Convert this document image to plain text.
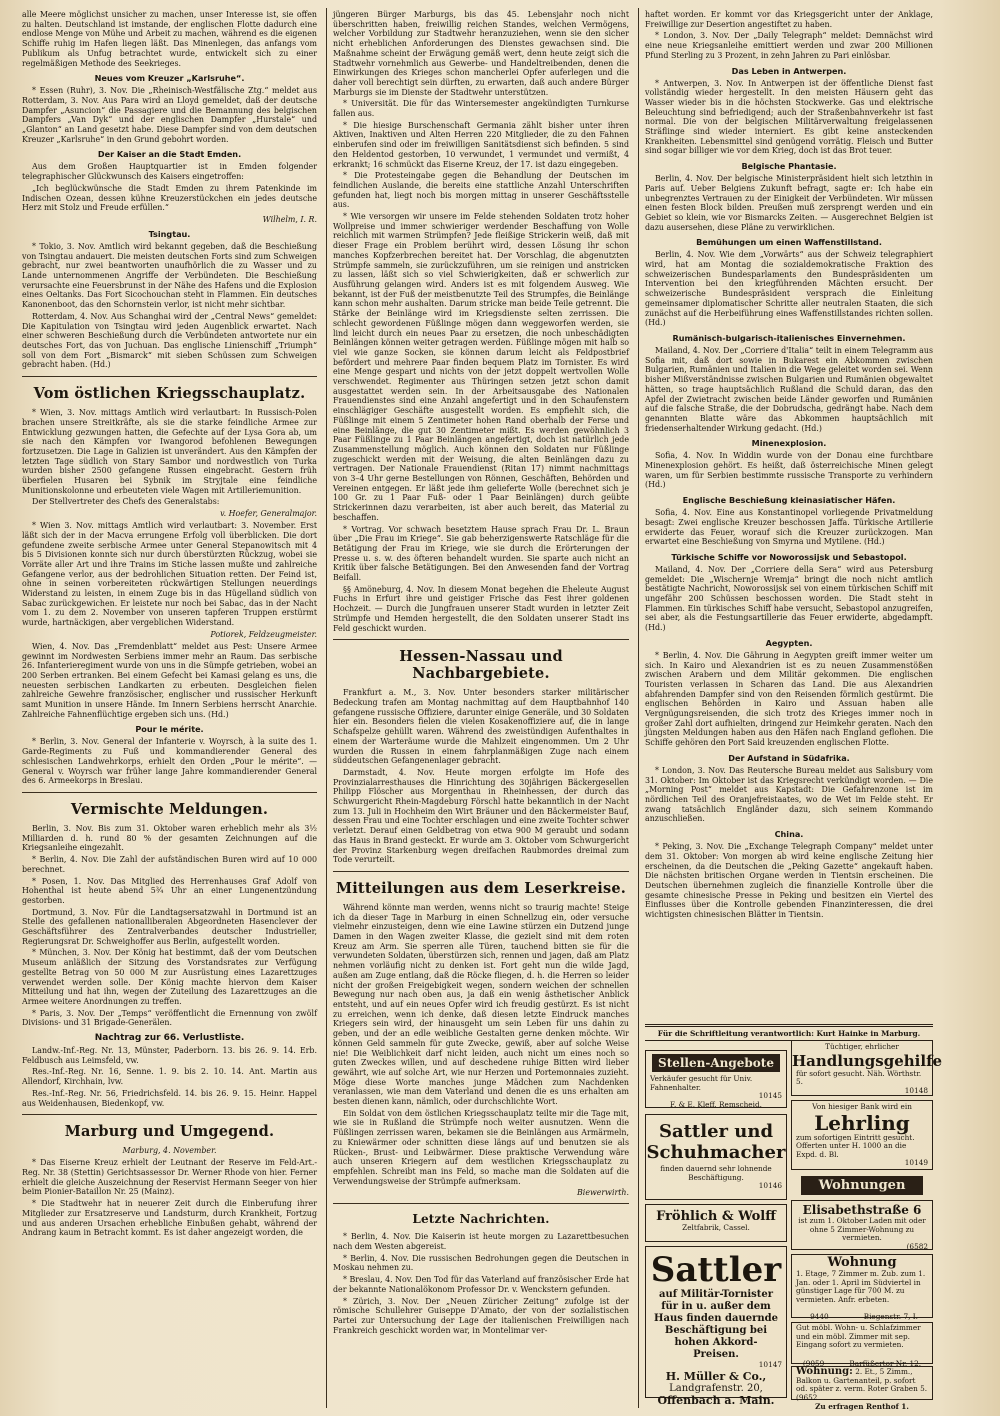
alle Meere möglichst unsicher zu machen, unser Interesse ist, sie offen zu halten. Deutschland ist imstande, der englischen Flotte dadurch eine endlose Menge von Mühe und Arbeit zu machen, während es die eigenen Schiffe ruhig im Hafen liegen läßt. Das Minenlegen, das anfangs vom Publikum als Unfug betrachtet wurde, entwickelt sich zu einer regelmäßigen Methode des Seekrieges.

Neues vom Kreuzer „Karlsruhe“.

* Essen (Ruhr), 3. Nov. Die „Rheinisch-Westfälische Ztg.“ meldet aus Rotterdam, 3. Nov. Aus Para wird an Lloyd gemeldet, daß der deutsche Dampfer „Asuncion“ die Passagiere und die Bemannung des belgischen Dampfers „Van Dyk“ und der englischen Dampfer „Hurstale“ und „Glanton“ an Land gesetzt habe. Diese Dampfer sind von dem deutschen Kreuzer „Karlsruhe“ in den Grund gebohrt worden.

Der Kaiser an die Stadt Emden.

Aus dem Großen Hauptquartier ist in Emden folgender telegraphischer Glückwunsch des Kaisers eingetroffen:

„Ich beglückwünsche die Stadt Emden zu ihrem Patenkinde im Indischen Ozean, dessen kühne Kreuzerstückchen ein jedes deutsche Herz mit Stolz und Freude erfüllen.“

Wilhelm, I. R.
Tsingtau.

* Tokio, 3. Nov. Amtlich wird bekannt gegeben, daß die Beschießung von Tsingtau andauert. Die meisten deutschen Forts sind zum Schweigen gebracht, nur zwei beantworten unaufhörlich die zu Wasser und zu Lande unternommenen Angriffe der Verbündeten. Die Beschießung verursachte eine Feuersbrunst in der Nähe des Hafens und die Explosion eines Oeltanks. Das Fort Sicochouchan steht in Flammen. Ein deutsches Kanonenboot, das den Schornstein verlor, ist nicht mehr sichtbar.

Rotterdam, 4. Nov. Aus Schanghai wird der „Central News“ gemeldet: Die Kapitulation von Tsingtau wird jeden Augenblick erwartet. Nach einer schweren Beschießung durch die Verbündeten antwortete nur ein deutsches Fort, das von Juchuan. Das englische Linienschiff „Triumph“ soll von dem Fort „Bismarck“ mit sieben Schüssen zum Schweigen gebracht haben. (Hd.)

Vom östlichen Kriegsschauplatz.

* Wien, 3. Nov. mittags Amtlich wird verlautbart: In Russisch-Polen brachen unsere Streitkräfte, als sie die starke feindliche Armee zur Entwicklung gezwungen hatten, die Gefechte auf der Lysa Gora ab, um sie nach den Kämpfen vor Iwangorod befohlenen Bewegungen fortzusetzen. Die Lage in Galizien ist unverändert. Aus den Kämpfen der letzten Tage südlich von Stary Sambor und nordwestlich von Turka wurden bisher 2500 gefangene Russen eingebracht. Gestern früh überfielen Husaren bei Sybnik im Stryjtale eine feindliche Munitionskolonne und erbeuteten viele Wagen mit Artilleriemunition.

Der Stellvertreter des Chefs des Generalstabs:

v. Hoefer, Generalmajor.

* Wien 3. Nov. mittags Amtlich wird verlautbart: 3. November. Erst läßt sich der in der Macva errungene Erfolg voll überblicken. Die dort gefundene zweite serbische Armee unter General Stepanowitsch mit 4 bis 5 Divisionen konnte sich nur durch überstürzten Rückzug, wobei sie Vorräte aller Art und ihre Trains im Stiche lassen mußte und zahlreiche Gefangene verlor, aus der bedrohlichen Situation retten. Der Feind ist, ohne in seinen vorbereiteten rückwärtigen Stellungen neuerdings Widerstand zu leisten, in einem Zuge bis in das Hügelland südlich von Sabac zurückgewichen. Er leistete nur noch bei Sabac, das in der Nacht vom 1. zu dem 2. November von unseren tapferen Truppen erstürmt wurde, hartnäckigen, aber vergeblichen Widerstand.

Potiorek, Feldzeugmeister.

Wien, 4. Nov. Das „Fremdenblatt“ meldet aus Pest: Unsere Armee gewinnt im Nordwesten Serbiens immer mehr an Raum. Das serbische 26. Infanterieregiment wurde von uns in die Sümpfe getrieben, wobei an 200 Serben ertranken. Bei einem Gefecht bei Kamasi gelang es uns, die neuesten serbischen Landkarten zu erbeuten. Desgleichen fielen zahlreiche Gewehre französischer, englischer und russischer Herkunft samt Munition in unsere Hände. Im Innern Serbiens herrscht Anarchie. Zahlreiche Fahnenflüchtige ergeben sich uns. (Hd.)

Pour le mérite.

* Berlin, 3. Nov. General der Infanterie v. Woyrsch, à la suite des 1. Garde-Regiments zu Fuß und kommandierender General des schlesischen Landwehrkorps, erhielt den Orden „Pour le mérite“. — General v. Woyrsch war früher lange Jahre kommandierender General des 6. Armeekorps in Breslau.

Vermischte Meldungen.

Berlin, 3. Nov. Bis zum 31. Oktober waren erheblich mehr als 3½ Milliarden d. h. rund 80 % der gesamten Zeichnungen auf die Kriegsanleihe eingezahlt.

* Berlin, 4. Nov. Die Zahl der aufständischen Buren wird auf 10 000 berechnet.

* Posen, 1. Nov. Das Mitglied des Herrenhauses Graf Adolf von Hohenthal ist heute abend 5¾ Uhr an einer Lungenentzündung gestorben.

Dortmund, 3. Nov. Für die Landtagsersatzwahl in Dortmund ist an Stelle des gefallenen nationalliberalen Abgeordneten Hasenclever der Geschäftsführer des Zentralverbandes deutscher Industrieller, Regierungsrat Dr. Schweighoffer aus Berlin, aufgestellt worden.

* München, 3. Nov. Der König hat bestimmt, daß der vom Deutschen Museum anläßlich der Sitzung des Vorstandsrates zur Verfügung gestellte Betrag von 50 000 M zur Ausrüstung eines Lazarettzuges verwendet werden solle. Der König machte hiervon dem Kaiser Mitteilung und hat ihn, wegen der Zuteilung des Lazarettzuges an die Armee weitere Anordnungen zu treffen.

* Paris, 3. Nov. Der „Temps“ veröffentlicht die Ernennung von zwölf Divisions- und 31 Brigade-Generälen.

Nachtrag zur 66. Verlustliste.

Landw.-Inf.-Reg. Nr. 13, Münster, Paderborn. 13. bis 26. 9. 14. Erb. Feldbusch aus Leimsfeld, vw.

Res.-Inf.-Reg. Nr. 16, Senne. 1. 9. bis 2. 10. 14. Ant. Martin aus Allendorf, Kirchhain, lvw.

Res.-Inf.-Reg. Nr. 56, Friedrichsfeld. 14. bis 26. 9. 15. Heinr. Happel aus Weidenhausen, Biedenkopf, vw.

Marburg und Umgegend.
Marburg, 4. November.

* Das Eiserne Kreuz erhielt der Leutnant der Reserve im Feld-Art.-Reg. Nr. 38 (Stettin) Gerichtsassessor Dr. Werner Rhode von hier. Ferner erhielt die gleiche Auszeichnung der Reservist Hermann Seeger von hier beim Pionier-Bataillon Nr. 25 (Mainz).

* Die Stadtwehr hat in neuerer Zeit durch die Einberufung ihrer Mitglieder zur Ersatzreserve und Landsturm, durch Krankheit, Fortzug und aus anderen Ursachen erhebliche Einbußen gehabt, während der Andrang kaum in Betracht kommt. Es ist daher angezeigt worden, die

jüngeren Bürger Marburgs, bis das 45. Lebensjahr noch nicht überschritten haben, freiwillig reichen Standes, welchen Vermögens, welcher Vorbildung zur Stadtwehr heranzuziehen, wenn sie den sicher nicht erheblichen Anforderungen des Dienstes gewachsen sind. Die Maßnahme scheint der Erwägung gemäß wert, denn heute zeigt sich die Stadtwehr vornehmlich aus Gewerbe- und Handeltreibenden, denen die Einwirkungen des Krieges schon mancherlei Opfer auferlegen und die daher voll berechtigt sein dürften, zu erwarten, daß auch andere Bürger Marburgs sie im Dienste der Stadtwehr unterstützen.

* Universität. Die für das Wintersemester angekündigten Turnkurse fallen aus.

* Die hiesige Burschenschaft Germania zählt bisher unter ihren Aktiven, Inaktiven und Alten Herren 220 Mitglieder, die zu den Fahnen einberufen sind oder im freiwilligen Sanitätsdienst sich befinden. 5 sind den Heldentod gestorben, 10 verwundet, 1 vermundet und vermißt, 4 erkrankt; 16 schmückt das Eiserne Kreuz, der 17. ist dazu eingegeben.

* Die Protesteingabe gegen die Behandlung der Deutschen im feindlichen Auslande, die bereits eine stattliche Anzahl Unterschriften gefunden hat, liegt noch bis morgen mittag in unserer Geschäftsstelle aus.

* Wie versorgen wir unsere im Felde stehenden Soldaten trotz hoher Wollpreise und immer schwieriger werdender Beschaffung von Wolle reichlich mit warmen Strümpfen? Jede fleißige Strickerin weiß, daß mit dieser Frage ein Problem berührt wird, dessen Lösung ihr schon manches Kopfzerbrechen bereitet hat. Der Vorschlag, die abgenutzten Strümpfe sammeln, sie zurückzuführen, um sie reinigen und anstricken zu lassen, läßt sich so viel Schwierigkeiten, daß er schwerlich zur Ausführung gelangen wird. Anders ist es mit folgendem Ausweg. Wie bekannt, ist der Fuß der meistbenutzte Teil des Strumpfes, die Beinlänge kann schon mehr aushalten. Darum stricke man beide Teile getrennt. Die Stärke der Beinlänge wird im Kriegsdienste selten zerrissen. Die schlecht gewordenen Füßlinge mögen dann weggeworfen werden, sie lind leicht durch ein neues Paar zu ersetzen, die noch unbeschädigten Beinlängen können weiter getragen werden. Füßlinge mögen mit halb so viel wie ganze Socken, sie können darum leicht als Feldpostbrief befördert und mehrere Paar finden bequem Platz im Tornister. Es wird eine Menge gespart und nichts von der jetzt doppelt wertvollen Wolle verschwendet. Regimenter aus Thüringen setzen jetzt schon damit ausgestattet werden sein. In der Arbeitsausgabe des Nationalen Frauendienstes sind eine Anzahl angefertigt und in den Schaufenstern einschlägiger Geschäfte ausgestellt worden. Es empfiehlt sich, die Füßlinge mit einem 5 Zentimeter hohen Rand oberhalb der Ferse und eine Beinlänge, die gut 30 Zentimeter mißt. Es werden gewöhnlich 3 Paar Füßlinge zu 1 Paar Beinlängen angefertigt, doch ist natürlich jede Zusammenstellung möglich. Auch können den Soldaten nur Füßlinge zugeschickt werden mit der Weisung, die alten Beinlängen dazu zu vertragen. Der Nationale Frauendienst (Ritan 17) nimmt nachmittags von 3–4 Uhr gerne Bestellungen von Rönnen, Geschäften, Behörden und Vereinen entgegen. Er läßt jede ihm gelieferte Wolle (berechnet sich je 100 Gr. zu 1 Paar Fuß- oder 1 Paar Beinlängen) durch geübte Strickerinnen dazu verarbeiten, ist aber auch bereit, das Material zu beschaffen.

* Vortrag. Vor schwach besetztem Hause sprach Frau Dr. L. Braun über „Die Frau im Kriege“. Sie gab beherzigenswerte Ratschläge für die Betätigung der Frau im Kriege, wie sie durch die Erörterungen der Presse u. s. w. des öfteren behandelt wurden. Sie sparte auch nicht an Kritik über falsche Betätigungen. Bei den Anwesenden fand der Vortrag Beifall.

§§ Amöneburg, 4. Nov. In diesem Monat begehen die Eheleute August Fuchs in Erfurt ihre und geistiger Frische das Fest ihrer goldenen Hochzeit. — Durch die Jungfrauen unserer Stadt wurden in letzter Zeit Strümpfe und Hemden hergestellt, die den Soldaten unserer Stadt ins Feld geschickt wurden.

Hessen-Nassau und Nachbargebiete.

Frankfurt a. M., 3. Nov. Unter besonders starker militärischer Bedeckung trafen am Montag nachmittag auf dem Hauptbahnhof 140 gefangene russische Offiziere, darunter einige Generäle, und 30 Soldaten hier ein. Besonders fielen die vielen Kosakenoffiziere auf, die in lange Schafspelze gehüllt waren. Während des zweistündigen Aufenthaltes in einem der Warteräume wurde die Mahlzeit eingenommen. Um 2 Uhr wurden die Russen in einem fahrplanmäßigen Zuge nach einem süddeutschen Gefangenenlager gebracht.

Darmstadt, 4. Nov. Heute morgen erfolgte im Hofe des Provinzialarresthauses die Hinrichtung des 30jährigen Bäckergesellen Philipp Flöscher aus Morgenthau in Rheinhessen, der durch das Schwurgericht Rhein-Magdeburg Förschl hatte bekanntlich in der Nacht zum 13. Juli in Hochheim den Wirt Bräuner und den Bäckermeister Bauf, dessen Frau und eine Tochter erschlagen und eine zweite Tochter schwer verletzt. Derauf einen Geldbetrag von etwa 900 M geraubt und sodann das Haus in Brand gesteckt. Er wurde am 3. Oktober vom Schwurgericht der Provinz Starkenburg wegen dreifachen Raubmordes dreimal zum Tode verurteilt.

Mitteilungen aus dem Leserkreise.

Während könnte man werden, wenns nicht so traurig machte! Steige ich da dieser Tage in Marburg in einen Schnellzug ein, oder versuche vielmehr einzusteigen, denn wie eine Lawine stürzen ein Dutzend junge Damen in den Wagen zweiter Klasse, die gezielt sind mit dem roten Kreuz am Arm. Sie sperren alle Türen, tauchend bitten sie für die verwundeten Soldaten, überstürzen sich, rennen und jagen, daß am Platz nehmen vorläufig nicht zu denken ist. Fort geht nun die wilde Jagd, außen am Zuge entlang, daß die Röcke fliegen, d. h. die Herren so leider nicht der großen Freigebigkeit wegen, sondern weichen der schnellen Bewegung nur nach oben aus, ja daß ein wenig ästhetischer Anblick entsteht, und auf ein neues Opfer wird ich freudig gestürzt. Es ist nicht zu erreichen, wenn ich denke, daß diesen letzte Eindruck manches Kriegers sein wird, der hinausgeht um sein Leben für uns dahin zu geben, und der an edle weibliche Gestalten gerne denken möchte. Wir können Geld sammeln für gute Zwecke, gewiß, aber auf solche Weise nie! Die Weiblichkeit darf nicht leiden, auch nicht um eines noch so guten Zweckes willen, und auf deschedene ruhige Bitten wird lieber gewährt, wie auf solche Art, wie nur Herzen und Portemonnaies zuzieht. Möge diese Worte manches junge Mädchen zum Nachdenken veranlassen, wie man dem Vaterland und denen die es uns erhalten am besten dienen kann, nämlich, oder durchschlichte Wort.

Ein Soldat von dem östlichen Kriegsschauplatz teilte mir die Tage mit, wie sie in Rußland die Strümpfe noch weiter ausnutzen. Wenn die Füßlingen zerrissen waren, bekamen sie die Beinlängen aus Armärmeln, zu Kniewärmer oder schnitten diese längs auf und benutzen sie als Rücken-, Brust- und Leibwärmer. Diese praktische Verwendung wäre auch unseren Kriegern auf dem westlichen Kriegsschauplatz zu empfehlen. Schreibt man ins Feld, so mache man die Soldaten auf die Verwendungsweise der Strümpfe aufmerksam.

Biewerwirth.
Letzte Nachrichten.

* Berlin, 4. Nov. Die Kaiserin ist heute morgen zu Lazarettbesuchen nach dem Westen abgereist.

* Berlin, 4. Nov. Die russischen Bedrohungen gegen die Deutschen in Moskau nehmen zu.

* Breslau, 4. Nov. Den Tod für das Vaterland auf französischer Erde hat der bekannte Nationalökonom Professor Dr. v. Wenckstern gefunden.

* Zürich, 3. Nov. Der „Neuen Züricher Zeitung“ zufolge ist der römische Schullehrer Guiseppe D'Amato, der von der sozialistischen Partei zur Untersuchung der Lage der italienischen Freiwilligen nach Frankreich geschickt worden war, in Montelimar ver-

haftet worden. Er kommt vor das Kriegsgericht unter der Anklage, Freiwillige zur Desertion angestiftet zu haben.

* London, 3. Nov. Der „Daily Telegraph“ meldet: Demnächst wird eine neue Kriegsanleihe emittiert werden und zwar 200 Millionen Pfund Sterling zu 3 Prozent, in zehn Jahren zu Pari einlösbar.

Das Leben in Antwerpen.

* Antwerpen, 3. Nov. In Antwerpen ist der öffentliche Dienst fast vollständig wieder hergestellt. In den meisten Häusern geht das Wasser wieder bis in die höchsten Stockwerke. Gas und elektrische Beleuchtung sind befriedigend; auch der Straßenbahnverkehr ist fast normal. Die von der belgischen Militärverwaltung freigelassenen Sträflinge sind wieder interniert. Es gibt keine ansteckenden Krankheiten. Lebensmittel sind genügend vorrätig. Fleisch und Butter sind sogar billiger wie vor dem Krieg, doch ist das Brot teuer.

Belgische Phantasie.

Berlin, 4. Nov. Der belgische Ministerpräsident hielt sich letzthin in Paris auf. Ueber Belgiens Zukunft befragt, sagte er: Ich habe ein unbegrenztes Vertrauen zu der Einigkeit der Verbündeten. Wir müssen einen festen Block bilden. Preußen muß zersprengt werden und ein Gebiet so klein, wie vor Bismarcks Zeiten. — Ausgerechnet Belgien ist dazu ausersehen, diese Pläne zu verwirklichen.

Bemühungen um einen Waffenstillstand.

Berlin, 4. Nov. Wie dem „Vorwärts“ aus der Schweiz telegraphiert wird, hat am Montag die sozialdemokratische Fraktion des schweizerischen Bundesparlaments den Bundespräsidenten um Intervention bei den kriegführenden Mächten ersucht. Der schweizerische Bundespräsident versprach die Einleitung gemeinsamer diplomatischer Schritte aller neutralen Staaten, die sich zunächst auf die Herbeiführung eines Waffenstillstandes richten sollen. (Hd.)

Rumänisch-bulgarisch-italienisches Einvernehmen.

Mailand, 4. Nov. Der „Corriere d'Italia“ teilt in einem Telegramm aus Sofia mit, daß dort sowie in Bukarest ein Abkommen zwischen Bulgarien, Rumänien und Italien in die Wege geleitet worden sei. Wenn bisher Mißverständnisse zwischen Bulgarien und Rumänien obgewaltet hätten, so trage hauptsächlich Rußland die Schuld daran, das den Apfel der Zwietracht zwischen beide Länder geworfen und Rumänien auf die falsche Straße, die der Dobrudscha, gedrängt habe. Nach dem genannten Blatte wäre das Abkommen hauptsächlich mit friedenserhaltender Wirkung gedacht. (Hd.)

Minenexplosion.

Sofia, 4. Nov. In Widdin wurde von der Donau eine furchtbare Minenexplosion gehört. Es heißt, daß österreichische Minen gelegt waren, um für Serbien bestimmte russische Transporte zu verhindern (Hd.)

Englische Beschießung kleinasiatischer Häfen.

Sofia, 4. Nov. Eine aus Konstantinopel vorliegende Privatmeldung besagt: Zwei englische Kreuzer beschossen Jaffa. Türkische Artillerie erwiderte das Feuer, worauf sich die Kreuzer zurückzogen. Man erwartet eine Beschießung von Smyrna und Mytilene. (Hd.)

Türkische Schiffe vor Noworossijsk und Sebastopol.

Mailand, 4. Nov. Der „Corriere della Sera“ wird aus Petersburg gemeldet: Die „Wischernje Wremja“ bringt die noch nicht amtlich bestätigte Nachricht, Noworossijsk sei von einem türkischen Schiff mit ungefähr 200 Schüssen beschossen worden. Die Stadt steht in Flammen. Ein türkisches Schiff habe versucht, Sebastopol anzugreifen, sei aber, als die Festungsartillerie das Feuer erwiderte, abgedampft. (Hd.)

Aegypten.

* Berlin, 4. Nov. Die Gährung in Aegypten greift immer weiter um sich. In Kairo und Alexandrien ist es zu neuen Zusammenstößen zwischen Arabern und dem Militär gekommen. Die englischen Touristen verlassen in Scharen das Land. Die aus Alexandrien abfahrenden Dampfer sind von den Reisenden förmlich gestürmt. Die englischen Behörden in Kairo und Assuan haben alle Vergnügungsreisenden, die sich trotz des Krieges immer noch in großer Zahl dort aufhielten, dringend zur Heimkehr geraten. Nach den jüngsten Meldungen haben aus den Häfen nach England geflohen. Die Schiffe gehören den Port Said kreuzenden englischen Flotte.

Der Aufstand in Südafrika.

* London, 3. Nov. Das Reutersche Bureau meldet aus Salisbury vom 31. Oktober: Im Oktober ist das Kriegsrecht verkündigt worden. — Die „Morning Post“ meldet aus Kapstadt: Die Gefahrenzone ist im nördlichen Teil des Oranjefreistaates, wo de Wet im Felde steht. Er zwang tatsächlich Engländer dazu, sich seinem Kommando anzuschließen.

China.

* Peking, 3. Nov. Die „Exchange Telegraph Company“ meldet unter dem 31. Oktober: Von morgen ab wird keine englische Zeitung hier erscheinen, da die Deutschen die „Peking Gazette“ angekauft haben. Die nächsten britischen Organe werden in Tientsin erscheinen. Die Deutschen übernehmen zugleich die finanzielle Kontrolle über die gesamte chinesische Presse in Peking und besitzen ein Viertel des Einflusses über die Kontrolle gebenden Finanzinteressen, die drei wichtigsten chinesischen Blätter in Tientsin.

Für die Schriftleitung verantwortlich: Kurt Hainke in Marburg.
Stellen-Angebote
Verkäufer gesucht für Univ. Fahnenhalter.
10145
F. & E. Kleff, Remscheid.
Sattler und
Schuhmacher
finden dauernd sehr lohnende Beschäftigung.
10146
Fröhlich & Wolff
Zeltfabrik, Cassel.
Sattler
auf Militär-Tornister für in u. außer dem Haus finden dauernde Beschäftigung bei hohen Akkord-Preisen.
10147
H. Müller & Co.,
Landgrafenstr. 20,
Offenbach a. Main.
Tüchtiger, ehrlicher
Handlungsgehilfe
für sofort gesucht. Näh. Wörthstr. 5.
10148
Von hiesiger Bank wird ein
Lehrling
zum sofortigen Eintritt gesucht. Offerten unter H. 1000 an die Expd. d. Bl.
10149
Wohnungen
Elisabethstraße 6
ist zum 1. Oktober Laden mit oder ohne 5 Zimmer-Wohnung zu vermieten.
(6582
Wohnung
1. Etage, 7 Zimmer m. Zub. zum 1. Jan. oder 1. April im Südviertel in günstiger Lage für 700 M. zu vermieten. Anfr. erbeten.
9440	Biegenstr. 7, I.
Gut möbl. Wohn- u. Schlafzimmer und ein möbl. Zimmer mit sep. Eingang sofort zu vermieten.
(9059	Barfüßertor Nr. 12.
Wohnung: 2. Et., 5 Zimm., Balkon u. Gartenanteil, p. sofort od. später z. verm. Roter Graben 5. (9652
Zu erfragen Renthof 1.
